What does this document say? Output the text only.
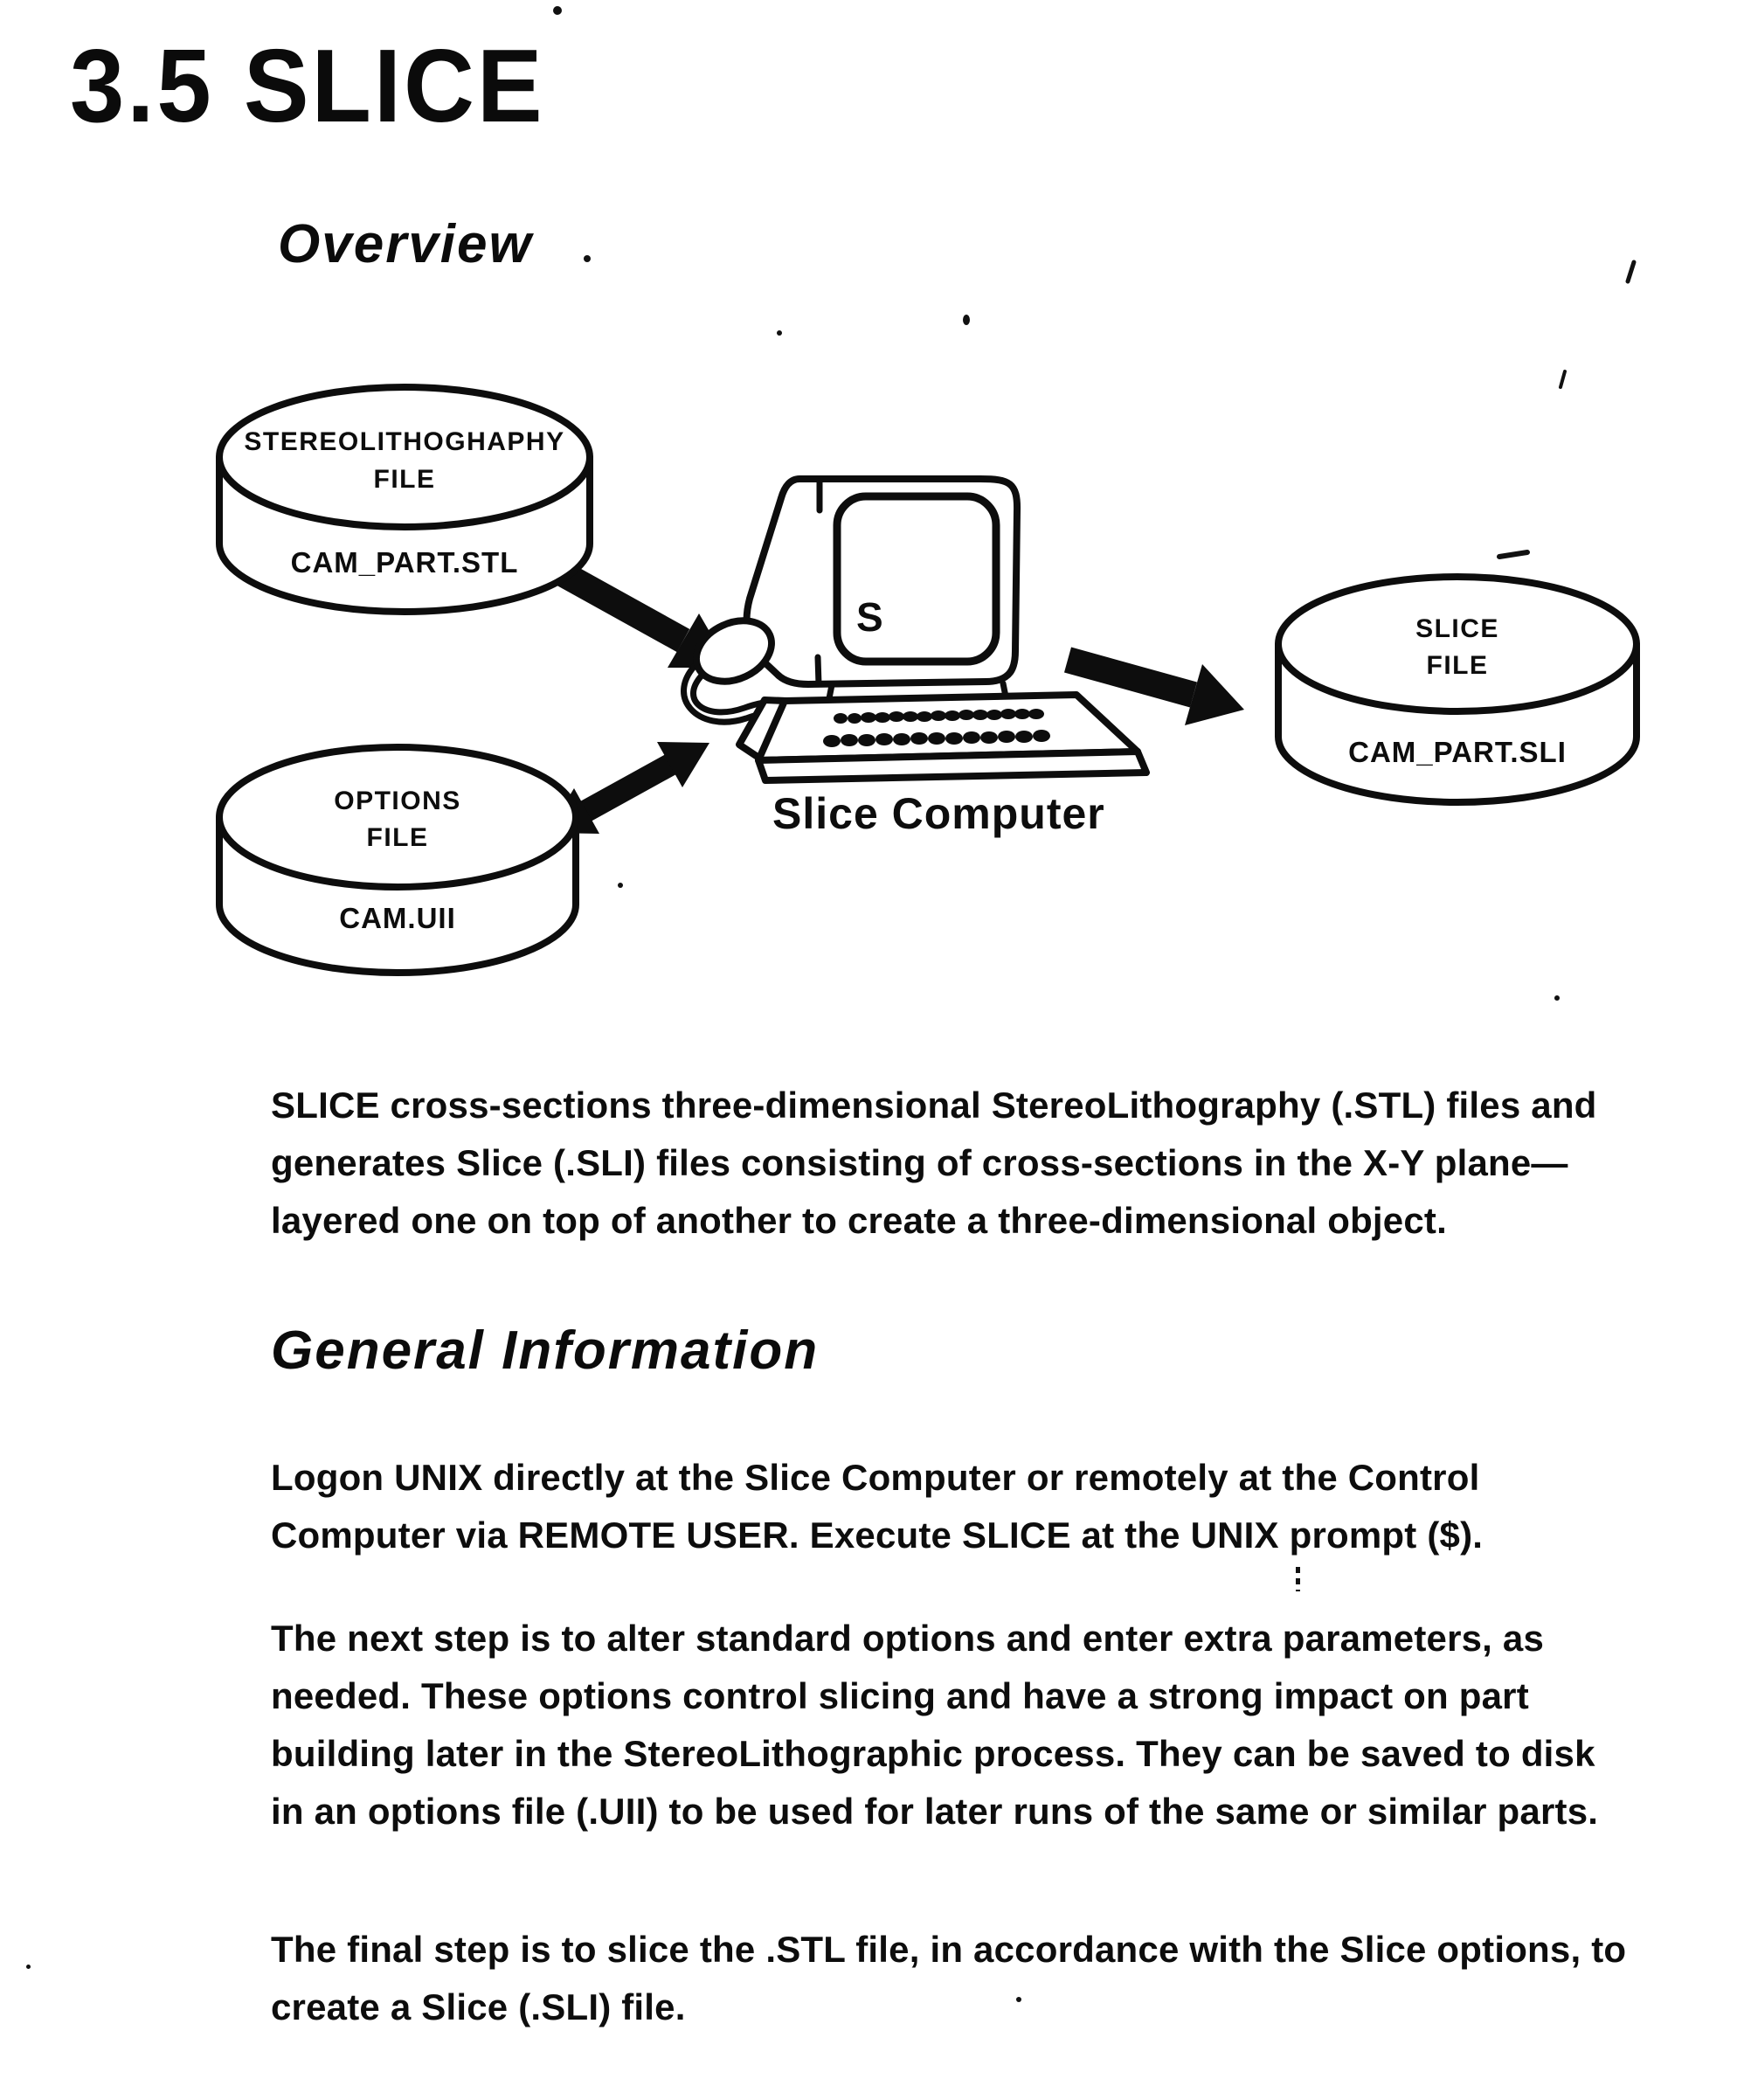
3.5 SLICE
Overview
STEREOLITHOGHAPHY
FILE
CAM_PART.STL
OPTIONS
FILE
CAM.UII
SLICE
FILE
CAM_PART.SLI
S
Slice Computer

SLICE cross-sections three-dimensional StereoLithography (.STL) files and
generates Slice (.SLI) files consisting of cross-sections in the X-Y plane—
layered one on top of another to create a three-dimensional object.

General Information

Logon UNIX directly at the Slice Computer or remotely at the Control
Computer via REMOTE USER. Execute SLICE at the UNIX prompt ($).

The next step is to alter standard options and enter extra parameters, as
needed. These options control slicing and have a strong impact on part
building later in the StereoLithographic process. They can be saved to disk
in an options file (.UII) to be used for later runs of the same or similar parts.

The final step is to slice the .STL file, in accordance with the Slice options, to
create a Slice (.SLI) file.
